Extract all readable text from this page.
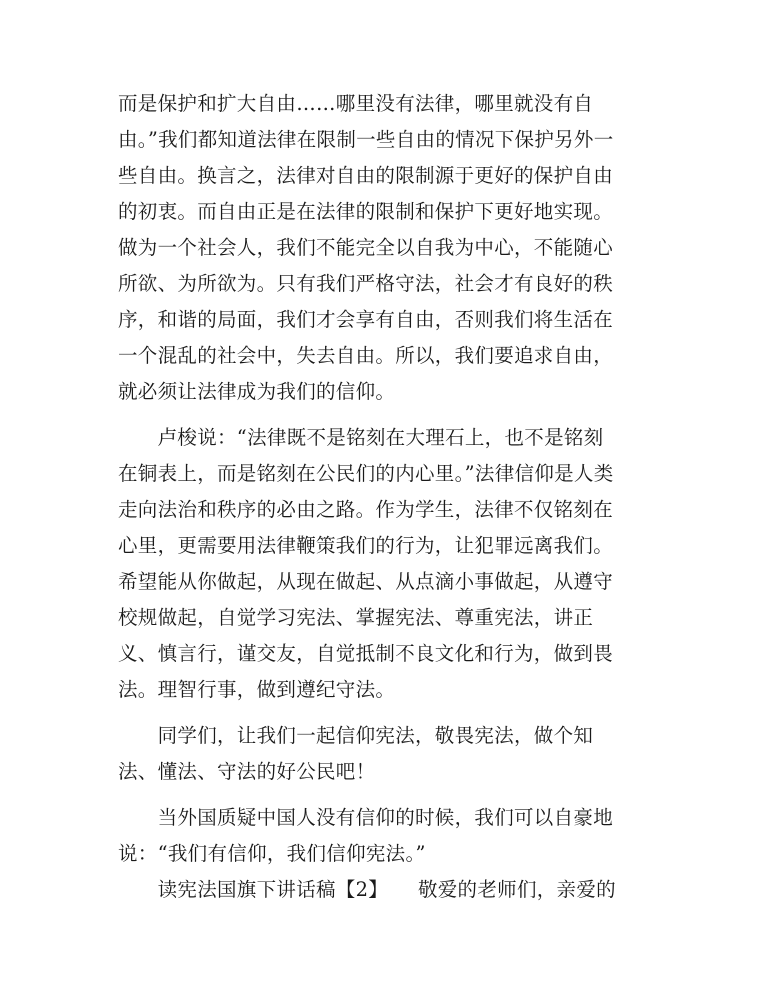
而是保护和扩大自由……哪里没有法律，哪里就没有自
由。”我们都知道法律在限制一些自由的情况下保护另外一
些自由。换言之，法律对自由的限制源于更好的保护自由
的初衷。而自由正是在法律的限制和保护下更好地实现。
做为一个社会人，我们不能完全以自我为中心，不能随心
所欲、为所欲为。只有我们严格守法，社会才有良好的秩
序，和谐的局面，我们才会享有自由，否则我们将生活在
一个混乱的社会中，失去自由。所以，我们要追求自由，
就必须让法律成为我们的信仰。
　　卢梭说：“法律既不是铭刻在大理石上，也不是铭刻
在铜表上，而是铭刻在公民们的内心里。”法律信仰是人类
走向法治和秩序的必由之路。作为学生，法律不仅铭刻在
心里，更需要用法律鞭策我们的行为，让犯罪远离我们。
希望能从你做起，从现在做起、从点滴小事做起，从遵守
校规做起，自觉学习宪法、掌握宪法、尊重宪法，讲正
义、慎言行，谨交友，自觉抵制不良文化和行为，做到畏
法。理智行事，做到遵纪守法。
　　同学们，让我们一起信仰宪法，敬畏宪法，做个知
法、懂法、守法的好公民吧！
　　当外国质疑中国人没有信仰的时候，我们可以自豪地
说：“我们有信仰，我们信仰宪法。”
　　读宪法国旗下讲话稿【2】　　敬爱的老师们，亲爱的
